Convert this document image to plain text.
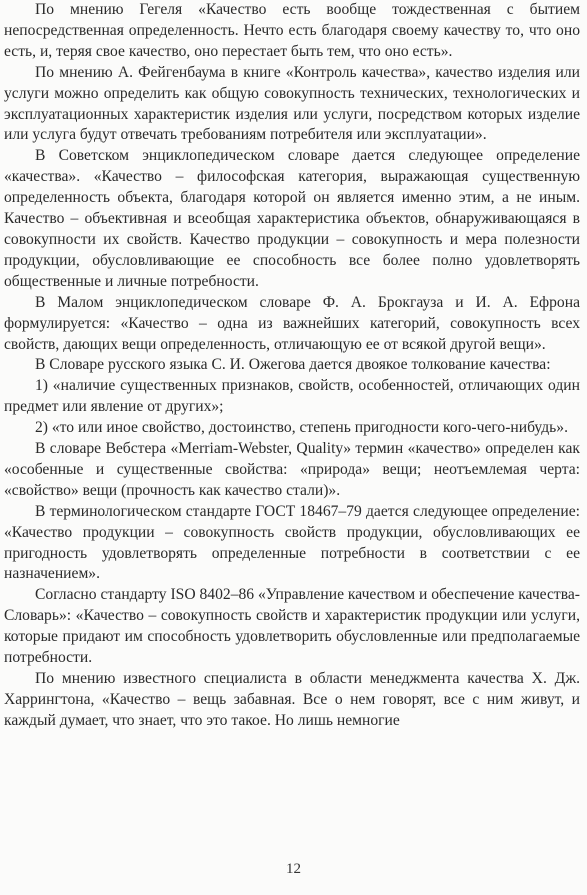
По мнению Гегеля «Качество есть вообще тождественная с бытием непосредственная определенность. Нечто есть благодаря своему качеству то, что оно есть, и, теряя свое качество, оно перестает быть тем, что оно есть».

По мнению А. Фейгенбаума в книге «Контроль качества», качество изделия или услуги можно определить как общую совокупность технических, технологических и эксплуатационных характеристик изделия или услуги, посредством которых изделие или услуга будут отвечать требованиям потребителя или эксплуатации».

В Советском энциклопедическом словаре дается следующее определение «качества». «Качество – философская категория, выражающая существенную определенность объекта, благодаря которой он является именно этим, а не иным. Качество – объективная и всеобщая характеристика объектов, обнаруживающаяся в совокупности их свойств. Качество продукции – совокупность и мера полезности продукции, обусловливающие ее способность все более полно удовлетворять общественные и личные потребности.

В Малом энциклопедическом словаре Ф. А. Брокгауза и И. А. Ефрона формулируется: «Качество – одна из важнейших категорий, совокупность всех свойств, дающих вещи определенность, отличающую ее от всякой другой вещи».

В Словаре русского языка С. И. Ожегова дается двоякое толкование качества:

1) «наличие существенных признаков, свойств, особенностей, отличающих один предмет или явление от других»;

2) «то или иное свойство, достоинство, степень пригодности кого-чего-нибудь».

В словаре Вебстера «Merriam-Webster, Quality» термин «качество» определен как «особенные и существенные свойства: «природа» вещи; неотъемлемая черта: «свойство» вещи (прочность как качество стали)».

В терминологическом стандарте ГОСТ 18467–79 дается следующее определение: «Качество продукции – совокупность свойств продукции, обусловливающих ее пригодность удовлетворять определенные потребности в соответствии с ее назначением».

Согласно стандарту ISO 8402–86 «Управление качеством и обеспечение качества-Словарь»: «Качество – совокупность свойств и характеристик продукции или услуги, которые придают им способность удовлетворить обусловленные или предполагаемые потребности.

По мнению известного специалиста в области менеджмента качества Х. Дж. Харрингтона, «Качество – вещь забавная. Все о нем говорят, все с ним живут, и каждый думает, что знает, что это такое. Но лишь немногие

12
